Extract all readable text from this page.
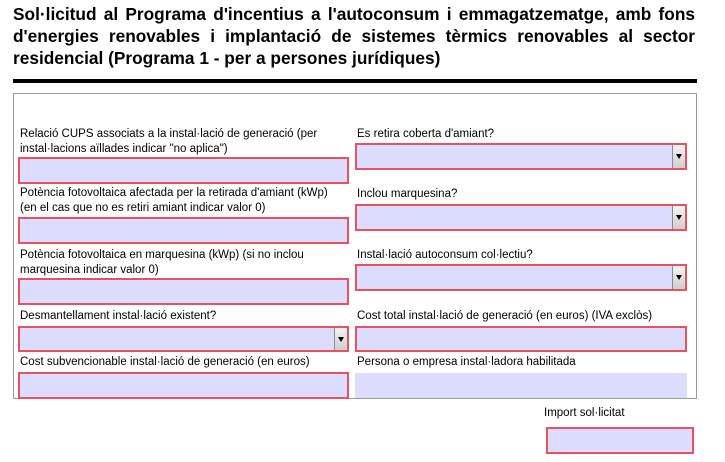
Sol·licitud al Programa d'incentius a l'autoconsum i emmagatzematge, amb fons d'energies renovables i implantació de sistemes tèrmics renovables al sector residencial (Programa 1 - per a persones jurídiques)

Relació CUPS associats a la instal·lació de generació (per instal·lacions aïllades indicar "no aplica")

Potència fotovoltaica afectada per la retirada d'amiant (kWp) (en el cas que no es retiri amiant indicar valor 0)

Potència fotovoltaica en marquesina (kWp) (si no inclou marquesina indicar valor 0)

Desmantellament instal·lació existent?

Cost subvencionable instal·lació de generació (en euros)

Es retira coberta d'amiant?

Inclou marquesina?

Instal·lació autoconsum col·lectiu?

Cost total instal·lació de generació (en euros) (IVA exclòs)

Persona o empresa instal·ladora habilitada

Import sol·licitat
